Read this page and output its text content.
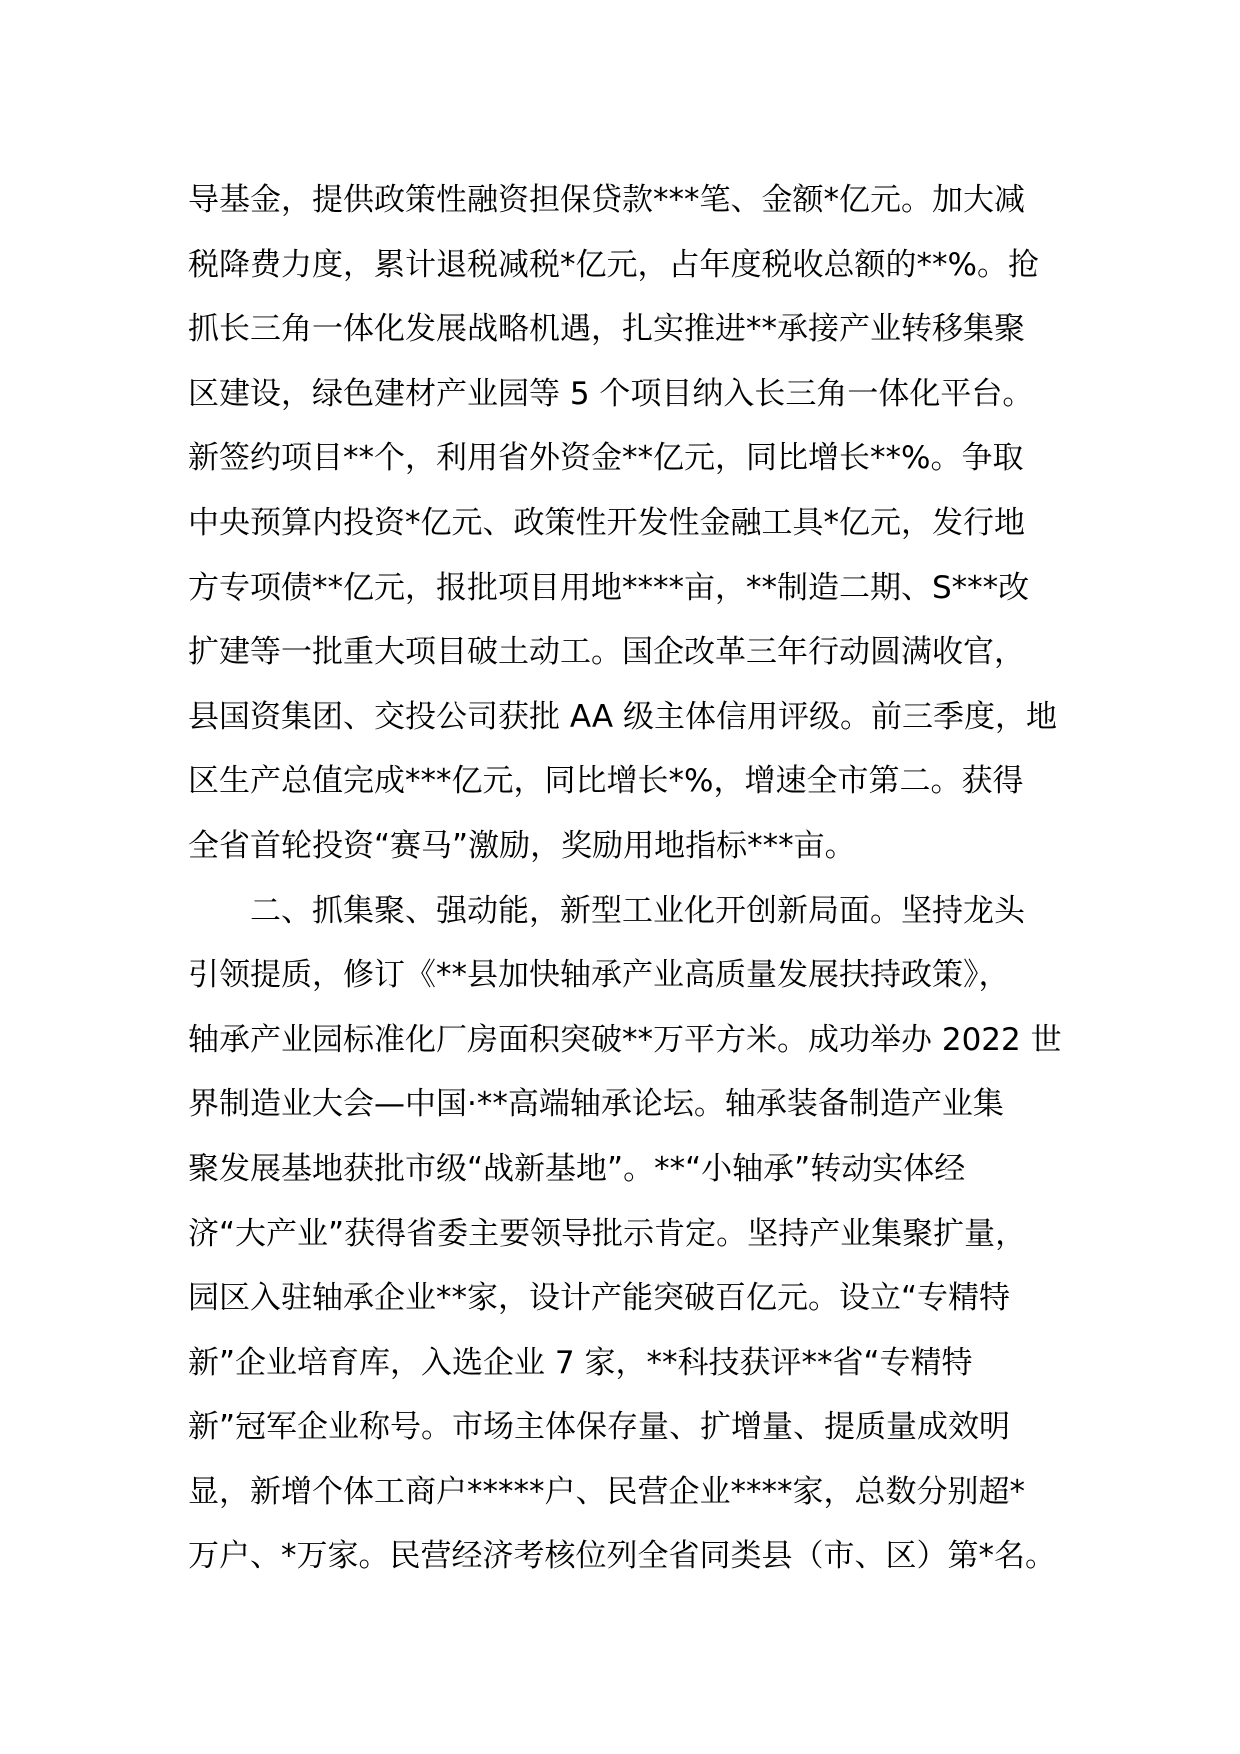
导基金，提供政策性融资担保贷款***笔、金额*亿元。加大减
税降费力度，累计退税减税*亿元，占年度税收总额的**%。抢
抓长三角一体化发展战略机遇，扎实推进**承接产业转移集聚
区建设，绿色建材产业园等 5 个项目纳入长三角一体化平台。
新签约项目**个，利用省外资金**亿元，同比增长**%。争取
中央预算内投资*亿元、政策性开发性金融工具*亿元，发行地
方专项债**亿元，报批项目用地****亩，**制造二期、S***改
扩建等一批重大项目破土动工。国企改革三年行动圆满收官，
县国资集团、交投公司获批 AA 级主体信用评级。前三季度，地
区生产总值完成***亿元，同比增长*%，增速全市第二。获得
全省首轮投资“赛马”激励，奖励用地指标***亩。
二、抓集聚、强动能，新型工业化开创新局面。坚持龙头
引领提质，修订《**县加快轴承产业高质量发展扶持政策》，
轴承产业园标准化厂房面积突破**万平方米。成功举办 2022 世
界制造业大会—中国·**高端轴承论坛。轴承装备制造产业集
聚发展基地获批市级“战新基地”。**“小轴承”转动实体经
济“大产业”获得省委主要领导批示肯定。坚持产业集聚扩量，
园区入驻轴承企业**家，设计产能突破百亿元。设立“专精特
新”企业培育库，入选企业 7 家，**科技获评**省“专精特
新”冠军企业称号。市场主体保存量、扩增量、提质量成效明
显，新增个体工商户*****户、民营企业****家，总数分别超*
万户、*万家。民营经济考核位列全省同类县（市、区）第*名。
